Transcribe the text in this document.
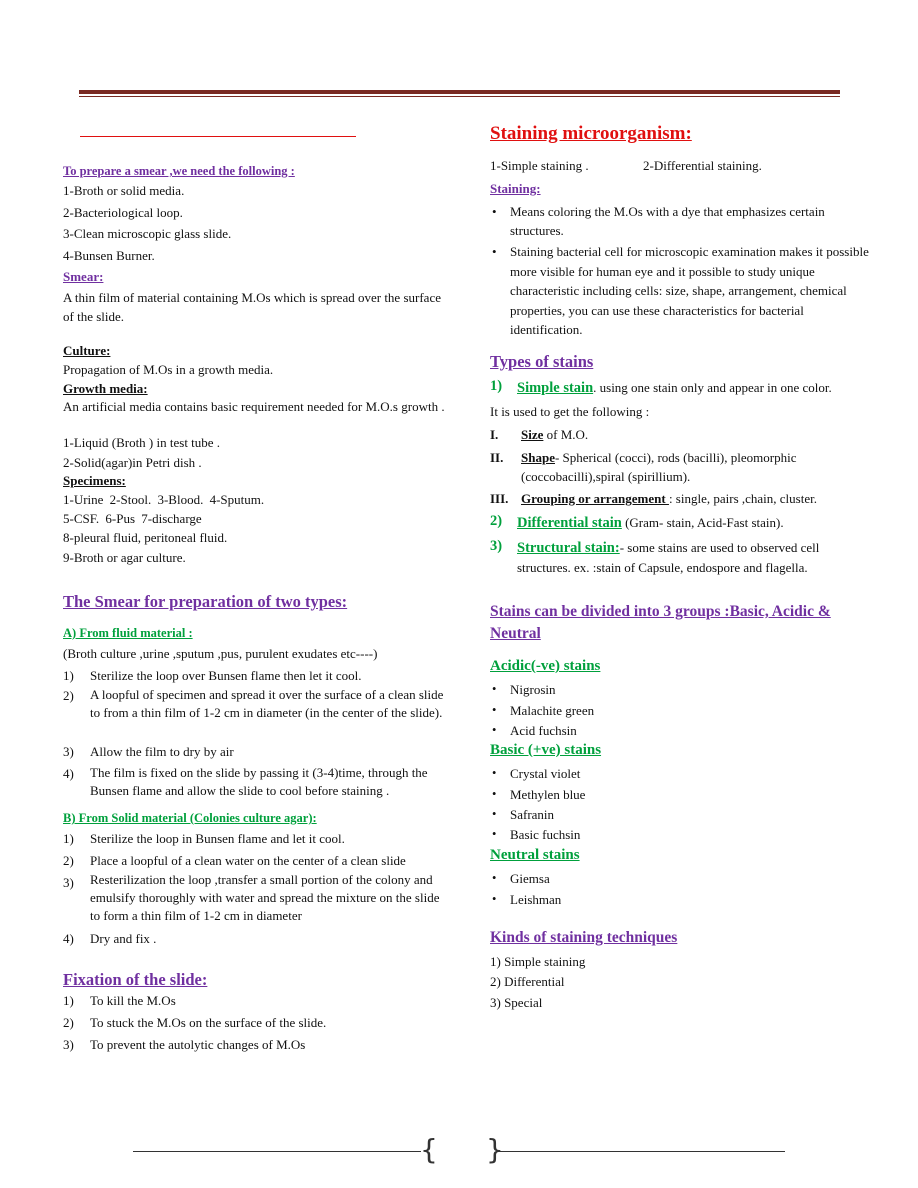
To prepare a smear ,we need the following :
1-Broth or solid media.
2-Bacteriological loop.
3-Clean microscopic glass slide.
4-Bunsen Burner.
Smear:
A thin film of material containing M.Os which is spread over the surface of the slide.
Culture:
Propagation of M.Os in a growth media.
Growth media:
An artificial media contains basic requirement needed for M.O.s growth .
1-Liquid (Broth ) in test tube .
2-Solid(agar)in Petri dish .
Specimens:
1-Urine 2-Stool. 3-Blood. 4-Sputum.
5-CSF. 6-Pus 7-discharge
8-pleural fluid, peritoneal fluid.
9-Broth or agar culture.
The Smear for preparation of two types:
A) From fluid material :
(Broth culture ,urine ,sputum ,pus, purulent exudates etc----)
1) Sterilize the loop over Bunsen flame then let it cool.
2) A loopful of specimen and spread it over the surface of a clean slide to from a thin film of 1-2 cm in diameter (in the center of the slide).
3) Allow the film to dry by air
4) The film is fixed on the slide by passing it (3-4)time, through the Bunsen flame and allow the slide to cool before staining .
B) From Solid material (Colonies culture agar):
1) Sterilize the loop in Bunsen flame and let it cool.
2) Place a loopful of a clean water on the center of a clean slide
3) Resterilization the loop ,transfer a small portion of the colony and emulsify thoroughly with water and spread the mixture on the slide to form a thin film of 1-2 cm in diameter
4) Dry and fix .
Fixation of the slide:
1) To kill the M.Os
2) To stuck the M.Os on the surface of the slide.
3) To prevent the autolytic changes of M.Os
Staining microorganism:
1-Simple staining .	2-Differential staining.
Staining:
• Means coloring the M.Os with a dye that emphasizes certain structures.
• Staining bacterial cell for microscopic examination makes it possible more visible for human eye and it possible to study unique characteristic including cells: size, shape, arrangement, chemical properties, you can use these characteristics for bacterial identification.
Types of stains
1) Simple stain. using one stain only and appear in one color.
It is used to get the following :
I. Size of M.O.
II. Shape- Spherical (cocci), rods (bacilli), pleomorphic (coccobacilli),spiral (spirillium).
III. Grouping or arrangement : single, pairs ,chain, cluster.
2) Differential stain (Gram- stain, Acid-Fast stain).
3) Structural stain:- some stains are used to observed cell structures. ex. :stain of Capsule, endospore and flagella.
Stains can be divided into 3 groups :Basic, Acidic & Neutral
Acidic(-ve) stains
• Nigrosin
• Malachite green
• Acid fuchsin
Basic (+ve) stains
• Crystal violet
• Methylen blue
• Safranin
• Basic fuchsin
Neutral stains
• Giemsa
• Leishman
Kinds of staining techniques
1) Simple staining
2) Differential
3) Special
{ }
